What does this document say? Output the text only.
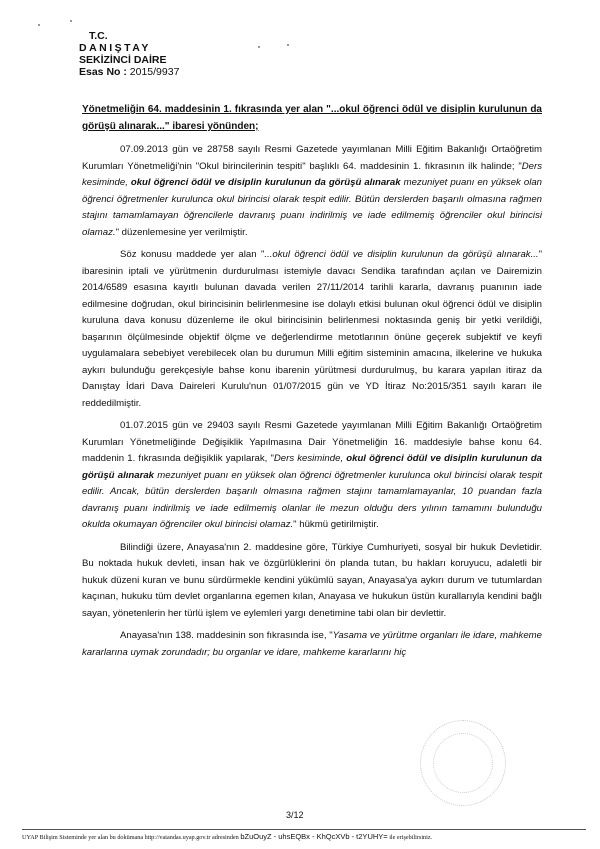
T.C.
DANIŞTAY
SEKİZİNCİ DAİRE
Esas No : 2015/9937
Yönetmeliğin 64. maddesinin 1. fıkrasında yer alan "...okul öğrenci ödül ve disiplin kurulunun da görüşü alınarak..." ibaresi yönünden;

07.09.2013 gün ve 28758 sayılı Resmi Gazetede yayımlanan Milli Eğitim Bakanlığı Ortaöğretim Kurumları Yönetmeliği'nin "Okul birincilerinin tespiti" başlıklı 64. maddesinin 1. fıkrasının ilk halinde; "Ders kesiminde, okul öğrenci ödül ve disiplin kurulunun da görüşü alınarak mezuniyet puanı en yüksek olan öğrenci öğretmenler kurulunca okul birincisi olarak tespit edilir. Bütün derslerden başarılı olmasına rağmen stajını tamamlamayan öğrencilerle davranış puanı indirilmiş ve iade edilmemiş öğrenciler okul birincisi olamaz." düzenlemesine yer verilmiştir.

Söz konusu maddede yer alan "...okul öğrenci ödül ve disiplin kurulunun da görüşü alınarak..." ibaresinin iptali ve yürütmenin durdurulması istemiyle davacı Sendika tarafından açılan ve Dairemizin 2014/6589 esasına kayıtlı bulunan davada verilen 27/11/2014 tarihli kararla, davranış puanının iade edilmesine doğrudan, okul birincisinin belirlenmesine ise dolaylı etkisi bulunan okul öğrenci ödül ve disiplin kuruluna dava konusu düzenleme ile okul birincisinin belirlenmesi noktasında geniş bir yetki verildiği, başarının ölçülmesinde objektif ölçme ve değerlendirme metotlarının önüne geçerek subjektif ve keyfi uygulamalara sebebiyet verebilecek olan bu durumun Milli eğitim sisteminin amacına, ilkelerine ve hukuka aykırı bulunduğu gerekçesiyle bahse konu ibarenin yürütmesi durdurulmuş, bu karara yapılan itiraz da Danıştay İdari Dava Daireleri Kurulu'nun 01/07/2015 gün ve YD İtiraz No:2015/351 sayılı kararı ile reddedilmiştir.

01.07.2015 gün ve 29403 sayılı Resmi Gazetede yayımlanan Milli Eğitim Bakanlığı Ortaöğretim Kurumları Yönetmeliğinde Değişiklik Yapılmasına Dair Yönetmeliğin 16. maddesiyle bahse konu 64. maddenin 1. fıkrasında değişiklik yapılarak, "Ders kesiminde, okul öğrenci ödül ve disiplin kurulunun da görüşü alınarak mezuniyet puanı en yüksek olan öğrenci öğretmenler kurulunca okul birincisi olarak tespit edilir. Ancak, bütün derslerden başarılı olmasına rağmen stajını tamamlamayanlar, 10 puandan fazla davranış puanı indirilmiş ve iade edilmemiş olanlar ile mezun olduğu ders yılının tamamını bulunduğu okulda okumayan öğrenciler okul birincisi olamaz." hükmü getirilmiştir.

Bilindiği üzere, Anayasa'nın 2. maddesine göre, Türkiye Cumhuriyeti, sosyal bir hukuk Devletidir. Bu noktada hukuk devleti, insan hak ve özgürlüklerini ön planda tutan, bu hakları koruyucu, adaletli bir hukuk düzeni kuran ve bunu sürdürmekle kendini yükümlü sayan, Anayasa'ya aykırı durum ve tutumlardan kaçınan, hukuku tüm devlet organlarına egemen kılan, Anayasa ve hukukun üstün kurallarıyla kendini bağlı sayan, yönetenlerin her türlü işlem ve eylemleri yargı denetimine tabi olan bir devlettir.

Anayasa'nın 138. maddesinin son fıkrasında ise, "Yasama ve yürütme organları ile idare, mahkeme kararlarına uymak zorundadır; bu organlar ve idare, mahkeme kararlarını hiç

3/12
UYAP Bilişim Sisteminde yer alan bu dokümana http://vatandas.uyap.gov.tr adresinden bZuOuyZ - uhsEQBx - KhQcXVb - t2YUHY= ile erişebilirsiniz.
